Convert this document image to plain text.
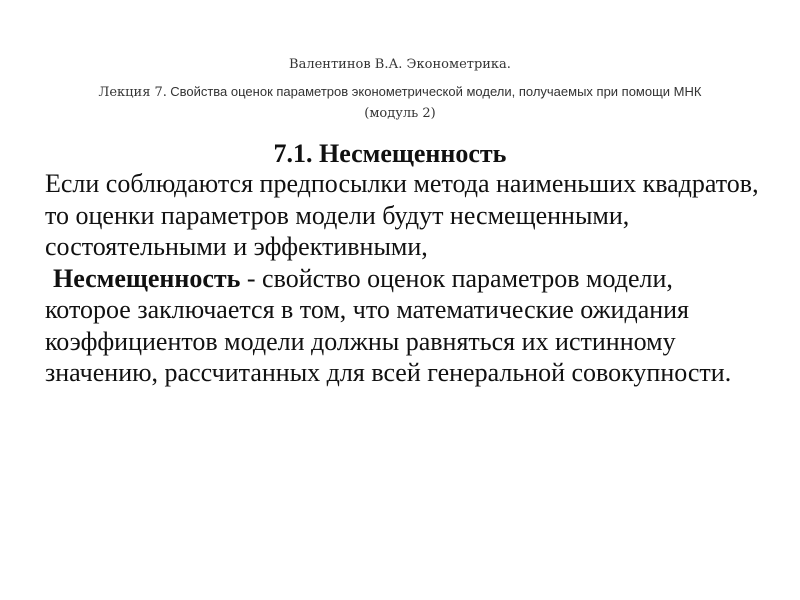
Валентинов В.А. Эконометрика.
Лекция 7. Свойства оценок параметров эконометрической модели, получаемых при помощи МНК
(модуль 2)
7.1. Несмещенность

Если соблюдаются предпосылки метода наименьших квадратов, то оценки параметров модели будут несмещенными, состоятельными и эффективными,

Несмещенность - свойство оценок параметров модели, которое заключается в том, что математические ожидания коэффициентов модели должны равняться их истинному значению, рассчитанных для всей генеральной совокупности.
